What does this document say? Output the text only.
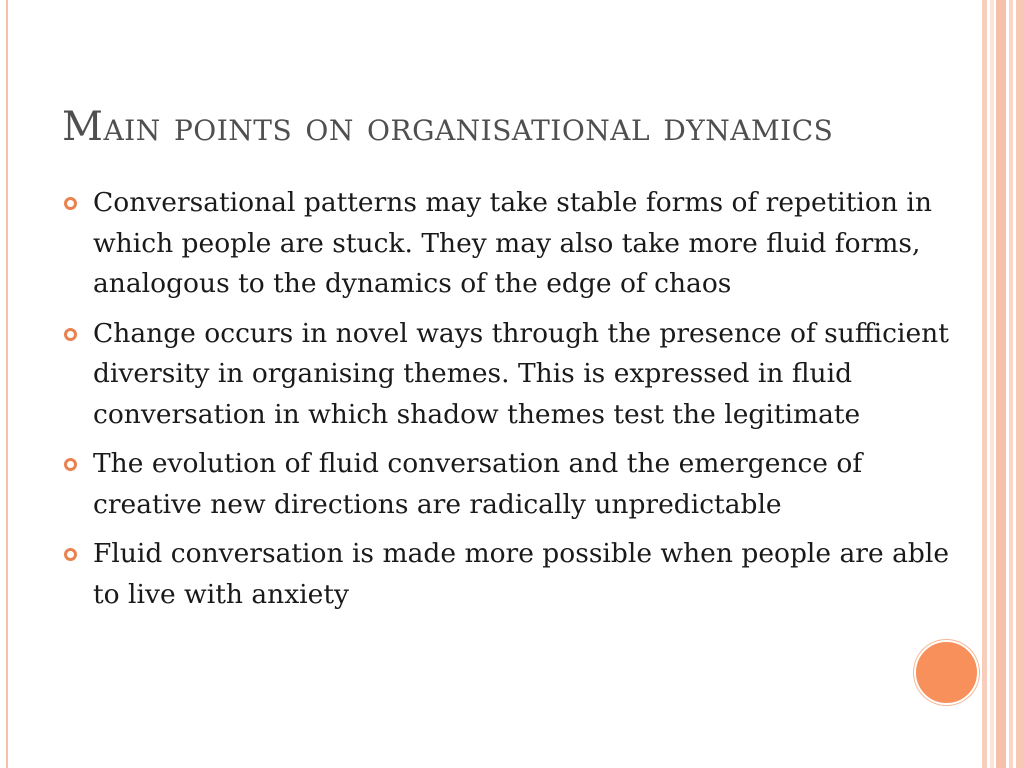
Main points on organisational dynamics
Conversational patterns may take stable forms of repetition in which people are stuck. They may also take more fluid forms, analogous to the dynamics of the edge of chaos
Change occurs in novel ways through the presence of sufficient diversity in organising themes. This is expressed in fluid conversation in which shadow themes test the legitimate
The evolution of fluid conversation and the emergence of creative new directions are radically unpredictable
Fluid conversation is made more possible when people are able to live with anxiety
